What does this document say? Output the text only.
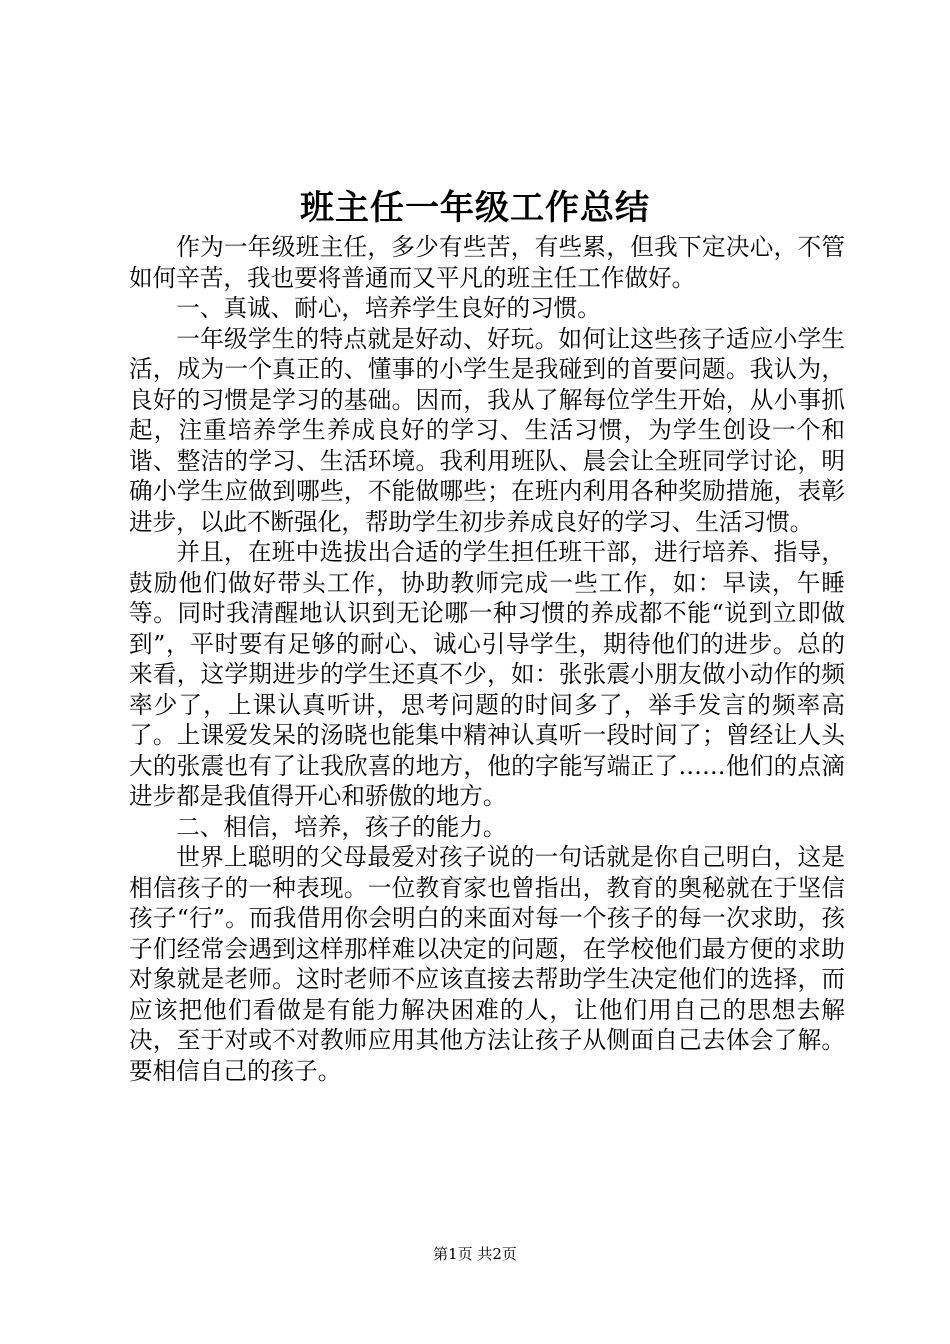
班主任一年级工作总结

作为一年级班主任，多少有些苦，有些累，但我下定决心，不管如何辛苦，我也要将普通而又平凡的班主任工作做好。

一、真诚、耐心，培养学生良好的习惯。

一年级学生的特点就是好动、好玩。如何让这些孩子适应小学生活，成为一个真正的、懂事的小学生是我碰到的首要问题。我认为，良好的习惯是学习的基础。因而，我从了解每位学生开始，从小事抓起，注重培养学生养成良好的学习、生活习惯，为学生创设一个和谐、整洁的学习、生活环境。我利用班队、晨会让全班同学讨论，明确小学生应做到哪些，不能做哪些；在班内利用各种奖励措施，表彰进步，以此不断强化，帮助学生初步养成良好的学习、生活习惯。

并且，在班中选拔出合适的学生担任班干部，进行培养、指导，鼓励他们做好带头工作，协助教师完成一些工作，如：早读，午睡等。同时我清醒地认识到无论哪一种习惯的养成都不能“说到立即做到”，平时要有足够的耐心、诚心引导学生，期待他们的进步。总的来看，这学期进步的学生还真不少，如：张张震小朋友做小动作的频率少了，上课认真听讲，思考问题的时间多了，举手发言的频率高了。上课爱发呆的汤晓也能集中精神认真听一段时间了；曾经让人头大的张震也有了让我欣喜的地方，他的字能写端正了……他们的点滴进步都是我值得开心和骄傲的地方。

二、相信，培养，孩子的能力。

世界上聪明的父母最爱对孩子说的一句话就是你自己明白，这是相信孩子的一种表现。一位教育家也曾指出，教育的奥秘就在于坚信孩子“行”。而我借用你会明白的来面对每一个孩子的每一次求助，孩子们经常会遇到这样那样难以决定的问题，在学校他们最方便的求助对象就是老师。这时老师不应该直接去帮助学生决定他们的选择，而应该把他们看做是有能力解决困难的人，让他们用自己的思想去解决，至于对或不对教师应用其他方法让孩子从侧面自己去体会了解。要相信自己的孩子。

第1页 共2页
